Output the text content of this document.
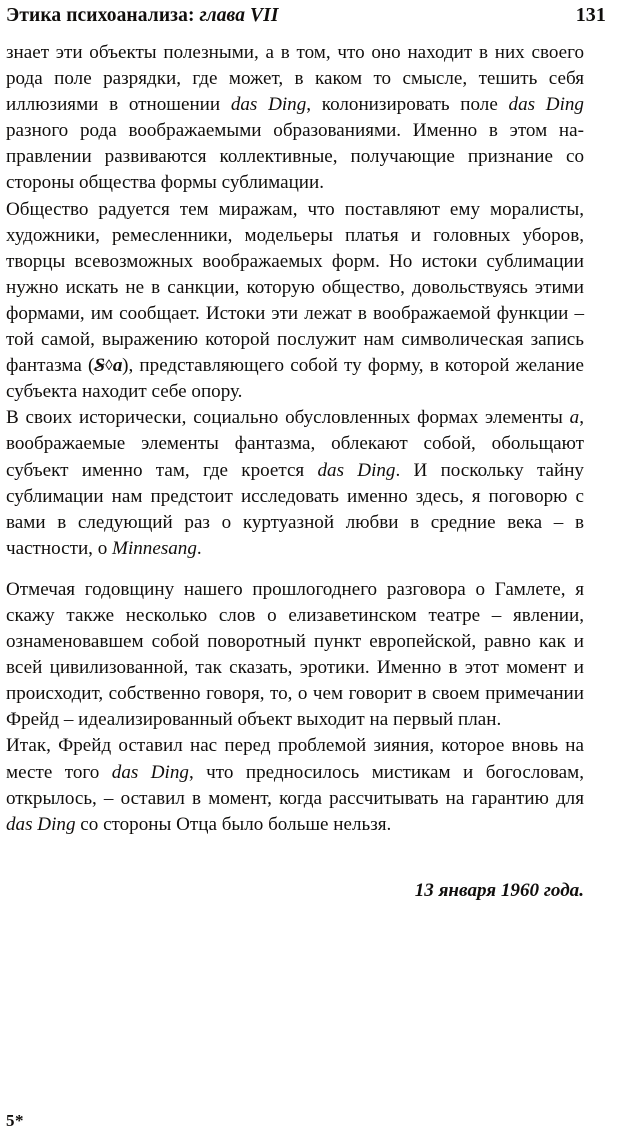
Этика психоанализа: глава VII	131

знает эти объекты полезными, а в том, что оно находит в них своего рода поле разрядки, где может, в каком то смысле, тешить себя иллюзиями в отношении das Ding, колонизировать поле das Ding разного рода воображаемыми образованиями. Именно в этом направлении развиваются коллективные, получающие признание со стороны общества формы сублимации.

Общество радуется тем миражам, что поставляют ему моралисты, художники, ремесленники, модельеры платья и головных уборов, творцы всевозможных воображаемых форм. Но истоки сублимации нужно искать не в санкции, которую общество, довольствуясь этими формами, им сообщает. Истоки эти лежат в воображаемой функции – той самой, выражению которой послужит нам символическая запись фантазма (S◊a), представляющего собой ту форму, в которой желание субъекта находит себе опору.

В своих исторически, социально обусловленных формах элементы a, воображаемые элементы фантазма, облекают собой, обольщают субъект именно там, где кроется das Ding. И поскольку тайну сублимации нам предстоит исследовать именно здесь, я поговорю с вами в следующий раз о куртуазной любви в средние века – в частности, о Minnesang.

Отмечая годовщину нашего прошлогоднего разговора о Гамлете, я скажу также несколько слов о елизаветинском театре – явлении, ознаменовавшем собой поворотный пункт европейской, равно как и всей цивилизованной, так сказать, эротики. Именно в этот момент и происходит, собственно говоря, то, о чем говорит в своем примечании Фрейд – идеализированный объект выходит на первый план.

Итак, Фрейд оставил нас перед проблемой зияния, которое вновь на месте того das Ding, что предносилось мистикам и богословам, открылось, – оставил в момент, когда рассчитывать на гарантию для das Ding со стороны Отца было больше нельзя.

13 января 1960 года.

5*
